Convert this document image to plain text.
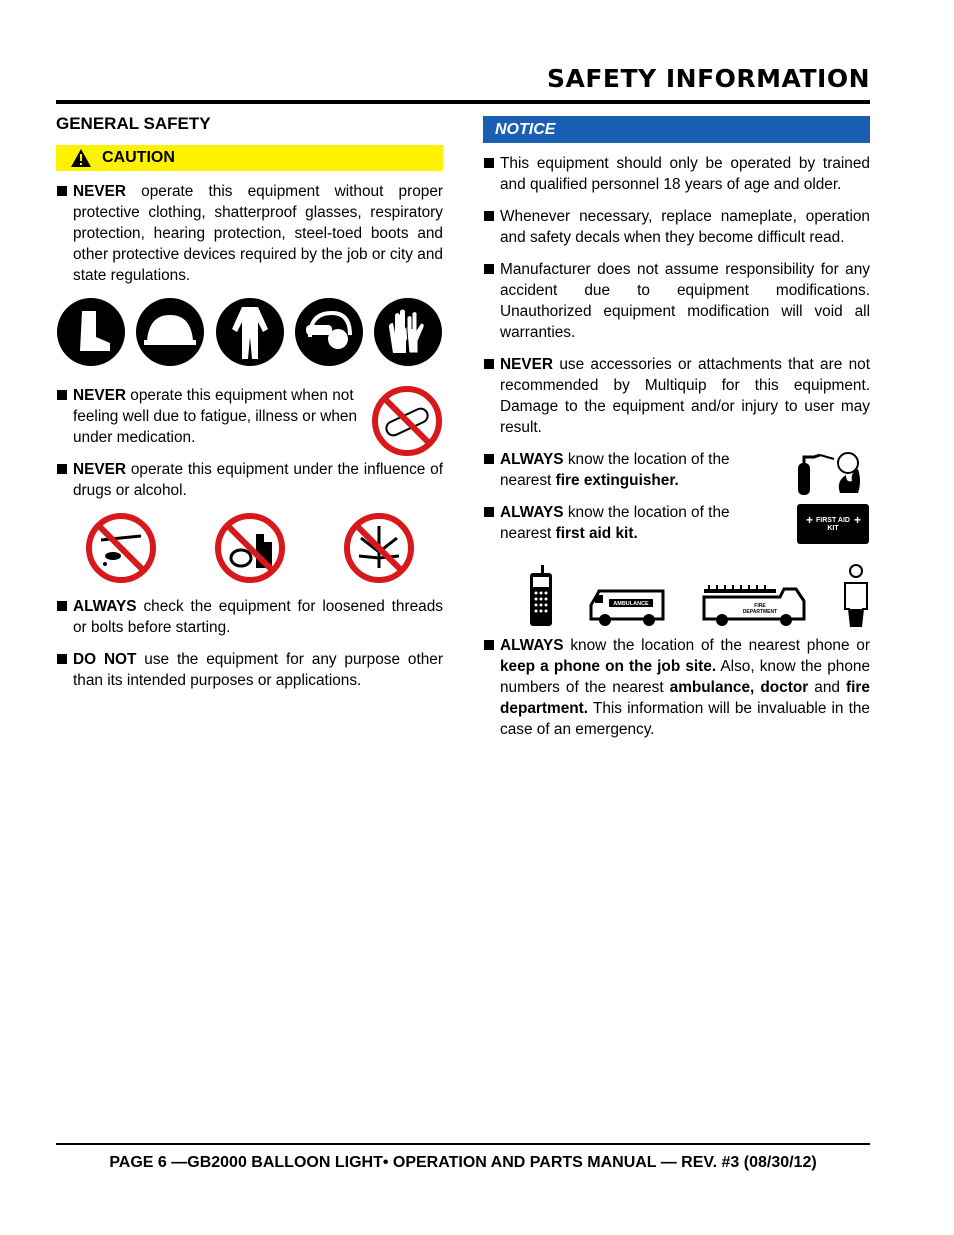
SAFETY INFORMATION
GENERAL SAFETY
CAUTION
NEVER operate this equipment without proper protective clothing, shatterproof glasses, respiratory protection, hearing protection, steel-toed boots and other protective devices required by the job or city and state regulations.
NEVER operate this equipment when not feeling well due to fatigue, illness or when under medication.
NEVER operate this equipment under the influence of drugs or alcohol.
ALWAYS check the equipment for loosened threads or bolts before starting.
DO NOT use the equipment for any purpose other than its intended purposes or applications.
NOTICE
This equipment should only be operated by trained and qualified personnel 18 years of age and older.
Whenever necessary, replace nameplate, operation and safety decals when they become difficult read.
Manufacturer does not assume responsibility for any accident due to equipment modifications. Unauthorized equipment modification will void all warranties.
NEVER use accessories or attachments that are not recommended by Multiquip for this equipment. Damage to the equipment and/or injury to user may result.
ALWAYS know the location of the nearest fire extinguisher.
ALWAYS know the location of the nearest first aid kit.
+	+
FIRST AID
KIT
AMBULANCE	FIRE
DEPARTMENT
ALWAYS know the location of the nearest phone or keep a phone on the job site. Also, know the phone numbers of the nearest ambulance, doctor and fire department. This information will be invaluable in the case of an emergency.
PAGE 6 —GB2000 BALLOON LIGHT• OPERATION AND PARTS MANUAL — REV. #3 (08/30/12)
